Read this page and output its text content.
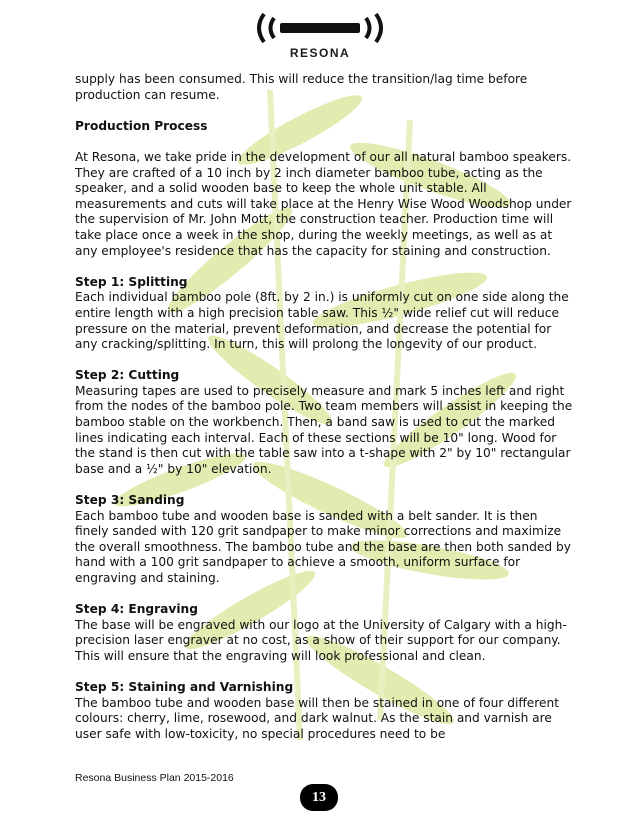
RESONA

supply has been consumed. This will reduce the transition/lag time before production can resume.

Production Process

At Resona, we take pride in the development of our all natural bamboo speakers. They are crafted of a 10 inch by 2 inch diameter bamboo tube, acting as the speaker, and a solid wooden base to keep the whole unit stable. All measurements and cuts will take place at the Henry Wise Wood Woodshop under the supervision of Mr. John Mott, the construction teacher. Production time will take place once a week in the shop, during the weekly meetings, as well as at any employee's residence that has the capacity for staining and construction.

Step 1: Splitting
Each individual bamboo pole (8ft. by 2 in.) is uniformly cut on one side along the entire length with a high precision table saw. This ½" wide relief cut will reduce pressure on the material, prevent deformation, and decrease the potential for any cracking/splitting. In turn, this will prolong the longevity of our product.

Step 2: Cutting
Measuring tapes are used to precisely measure and mark 5 inches left and right from the nodes of the bamboo pole. Two team members will assist in keeping the bamboo stable on the workbench. Then, a band saw is used to cut the marked lines indicating each interval. Each of these sections will be 10" long. Wood for the stand is then cut with the table saw into a t-shape with 2" by 10" rectangular base and a ½" by 10" elevation.

Step 3: Sanding
Each bamboo tube and wooden base is sanded with a belt sander. It is then finely sanded with 120 grit sandpaper to make minor corrections and maximize the overall smoothness. The bamboo tube and the base are then both sanded by hand with a 100 grit sandpaper to achieve a smooth, uniform surface for engraving and staining.

Step 4: Engraving
The base will be engraved with our logo at the University of Calgary with a high-precision laser engraver at no cost, as a show of their support for our company. This will ensure that the engraving will look professional and clean.

Step 5: Staining and Varnishing
The bamboo tube and wooden base will then be stained in one of four different colours: cherry, lime, rosewood, and dark walnut. As the stain and varnish are user safe with low-toxicity, no special procedures need to be

Resona Business Plan 2015-2016
13
